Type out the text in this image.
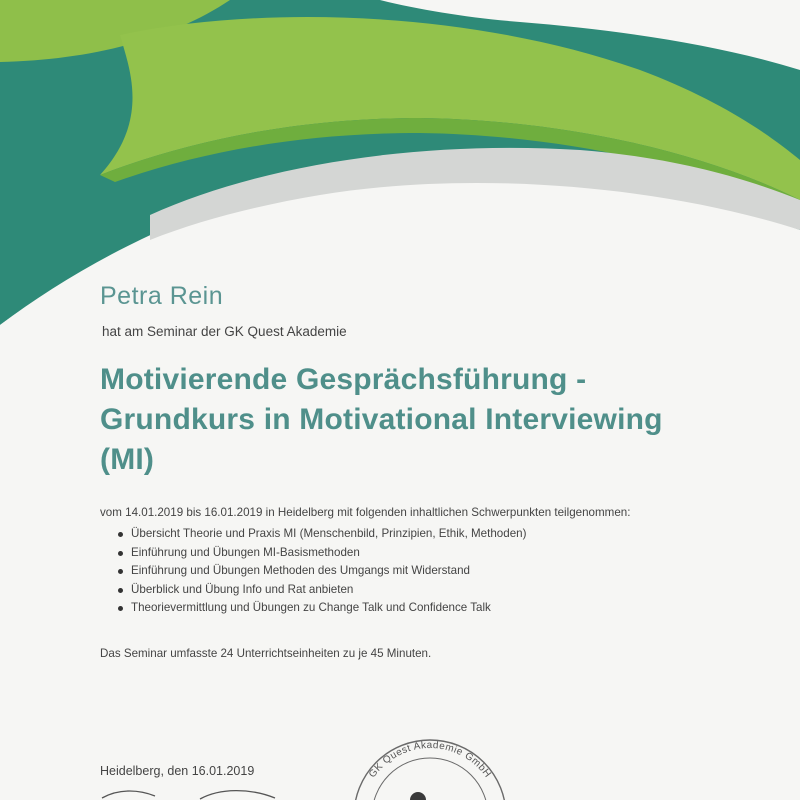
Petra Rein
hat am Seminar der GK Quest Akademie
Motivierende Gesprächsführung -
Grundkurs in Motivational Interviewing
(MI)
vom 14.01.2019 bis 16.01.2019 in Heidelberg mit folgenden inhaltlichen Schwerpunkten teilgenommen:
Übersicht Theorie und Praxis MI (Menschenbild, Prinzipien, Ethik, Methoden)
Einführung und Übungen MI-Basismethoden
Einführung und Übungen Methoden des Umgangs mit Widerstand
Überblick und Übung Info und Rat anbieten
Theorievermittlung und Übungen zu Change Talk und Confidence Talk
Das Seminar umfasste 24 Unterrichtseinheiten zu je 45 Minuten.
Heidelberg, den 16.01.2019	GK Quest Akademie GmbH
